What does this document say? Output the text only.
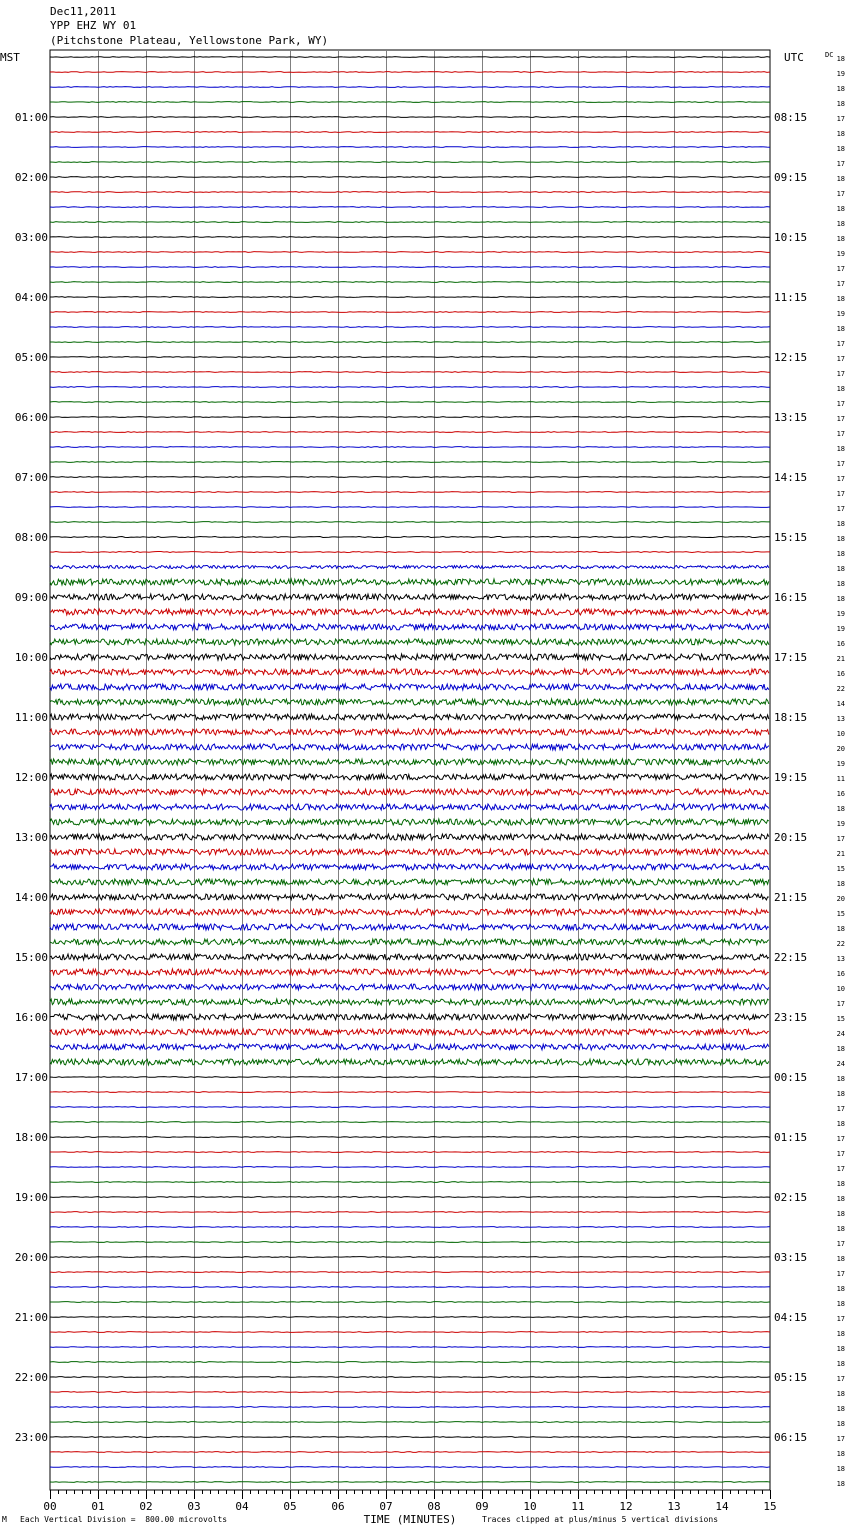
Dec11,2011
YPP EHZ WY 01
(Pitchstone Plateau, Yellowstone Park, WY)
18
19
18
18
17
18
18
17
18
17
18
18
18
19
17
17
18
19
18
17
17
17
18
17
17
17
18
17
17
17
17
18
18
18
18
18
18
19
19
16
21
16
22
14
13
10
20
19
11
16
18
19
17
21
15
18
20
15
18
22
13
16
10
17
15
24
18
24
18
18
17
18
17
17
17
18
18
18
18
17
18
17
18
18
17
18
18
18
17
18
18
18
17
18
18
18
01:00	08:15
02:00	09:15
03:00	10:15
04:00	11:15
05:00	12:15
06:00	13:15
07:00	14:15
08:00	15:15
09:00	16:15
10:00	17:15
11:00	18:15
12:00	19:15
13:00	20:15
14:00	21:15
15:00	22:15
16:00	23:15
17:00	00:15
18:00	01:15
19:00	02:15
20:00	03:15
21:00	04:15
22:00	05:15
23:00	06:15
MST	UTC	DC
00	01	02	03	04	05	06	07	08	09	10	11	12	13	14	15
TIME (MINUTES)
M Each Vertical Division =  800.00 microvolts	Traces clipped at plus/minus 5 vertical divisions
